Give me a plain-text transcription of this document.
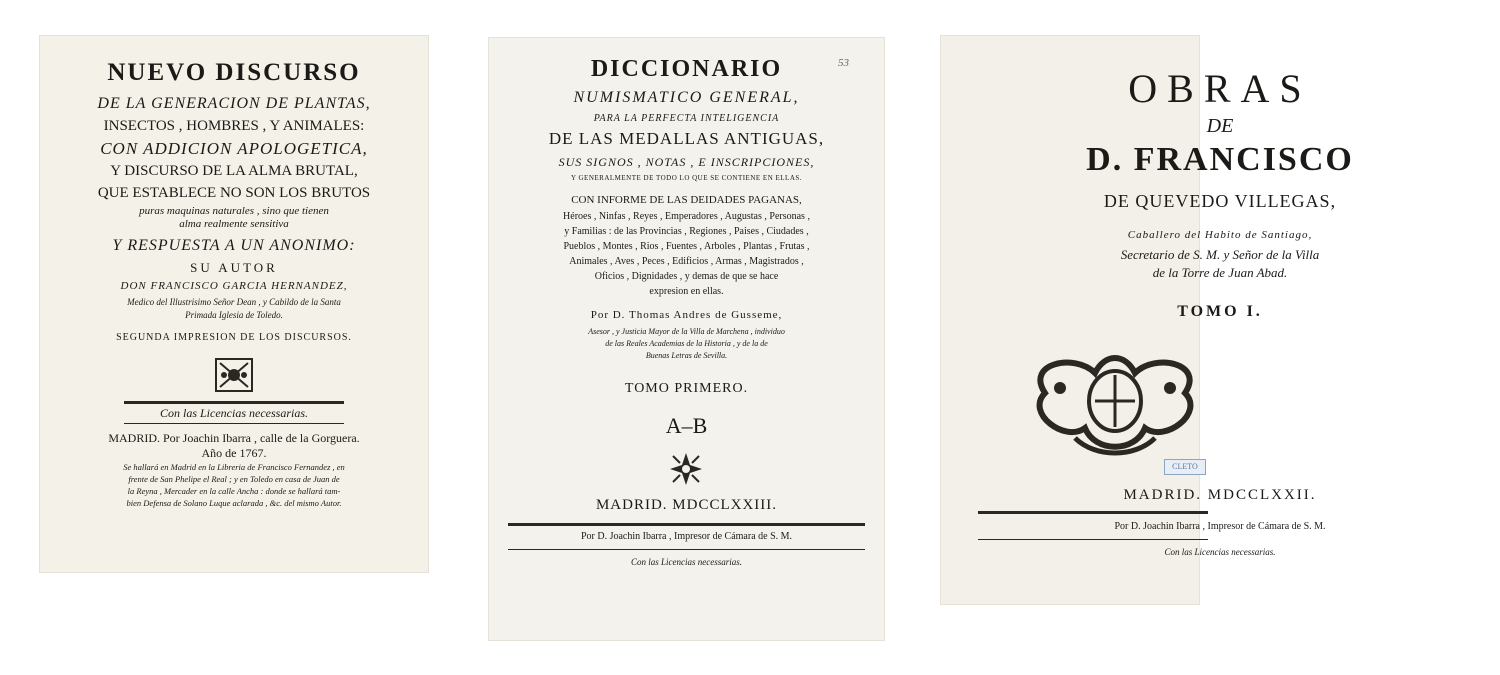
NUEVO DISCURSO
DE LA GENERACION DE PLANTAS,
INSECTOS , HOMBRES , Y ANIMALES:
CON ADDICION APOLOGETICA,
Y DISCURSO DE LA ALMA BRUTAL,
QUE ESTABLECE NO SON LOS BRUTOS
puras maquinas naturales , sino que tienen
alma realmente sensitiva
Y RESPUESTA A UN ANONIMO:
SU AUTOR
DON FRANCISCO GARCIA HERNANDEZ,
Medico del Illustrisimo Señor Dean , y Cabildo de la Santa
Primada Iglesia de Toledo.
SEGUNDA IMPRESION DE LOS DISCURSOS.
Con las Licencias necessarias.
MADRID. Por Joachin Ibarra , calle de la Gorguera.
Año de 1767.
Se hallará en Madrid en la Libreria de Francisco Fernandez , en
frente de San Phelipe el Real ; y en Toledo en casa de Juan de
la Reyna , Mercader en la calle Ancha : donde se hallará tam-
bien Defensa de Solano Luque aclarada , &c. del mismo Autor.
53
DICCIONARIO
NUMISMATICO GENERAL,
PARA LA PERFECTA INTELIGENCIA
DE LAS MEDALLAS ANTIGUAS,
SUS SIGNOS , NOTAS , E INSCRIPCIONES,
Y GENERALMENTE DE TODO LO QUE SE CONTIENE EN ELLAS.
CON INFORME DE LAS DEIDADES PAGANAS,
Héroes , Ninfas , Reyes , Emperadores , Augustas , Personas ,
y Familias : de las Provincias , Regiones , Paises , Ciudades ,
Pueblos , Montes , Rios , Fuentes , Arboles , Plantas , Frutas ,
Animales , Aves , Peces , Edificios , Armas , Magistrados ,
Oficios , Dignidades , y demas de que se hace
expresion en ellas.
Por D. Thomas Andres de Gusseme,
Asesor , y Justicia Mayor de la Villa de Marchena , individuo
de las Reales Academias de la Historia , y de la de
Buenas Letras de Sevilla.
TOMO PRIMERO.
A–B
MADRID. MDCCLXXIII.
Por D. Joachin Ibarra , Impresor de Cámara de S. M.
Con las Licencias necessarias.
OBRAS
DE
D. FRANCISCO
DE QUEVEDO VILLEGAS,
Caballero del Habito de Santiago,
Secretario de S. M. y Señor de la Villa
de la Torre de Juan Abad.
TOMO I.
CLETO
MADRID. MDCCLXXII.
Por D. Joachin Ibarra , Impresor de Cámara de S. M.
Con las Licencias necessarias.
